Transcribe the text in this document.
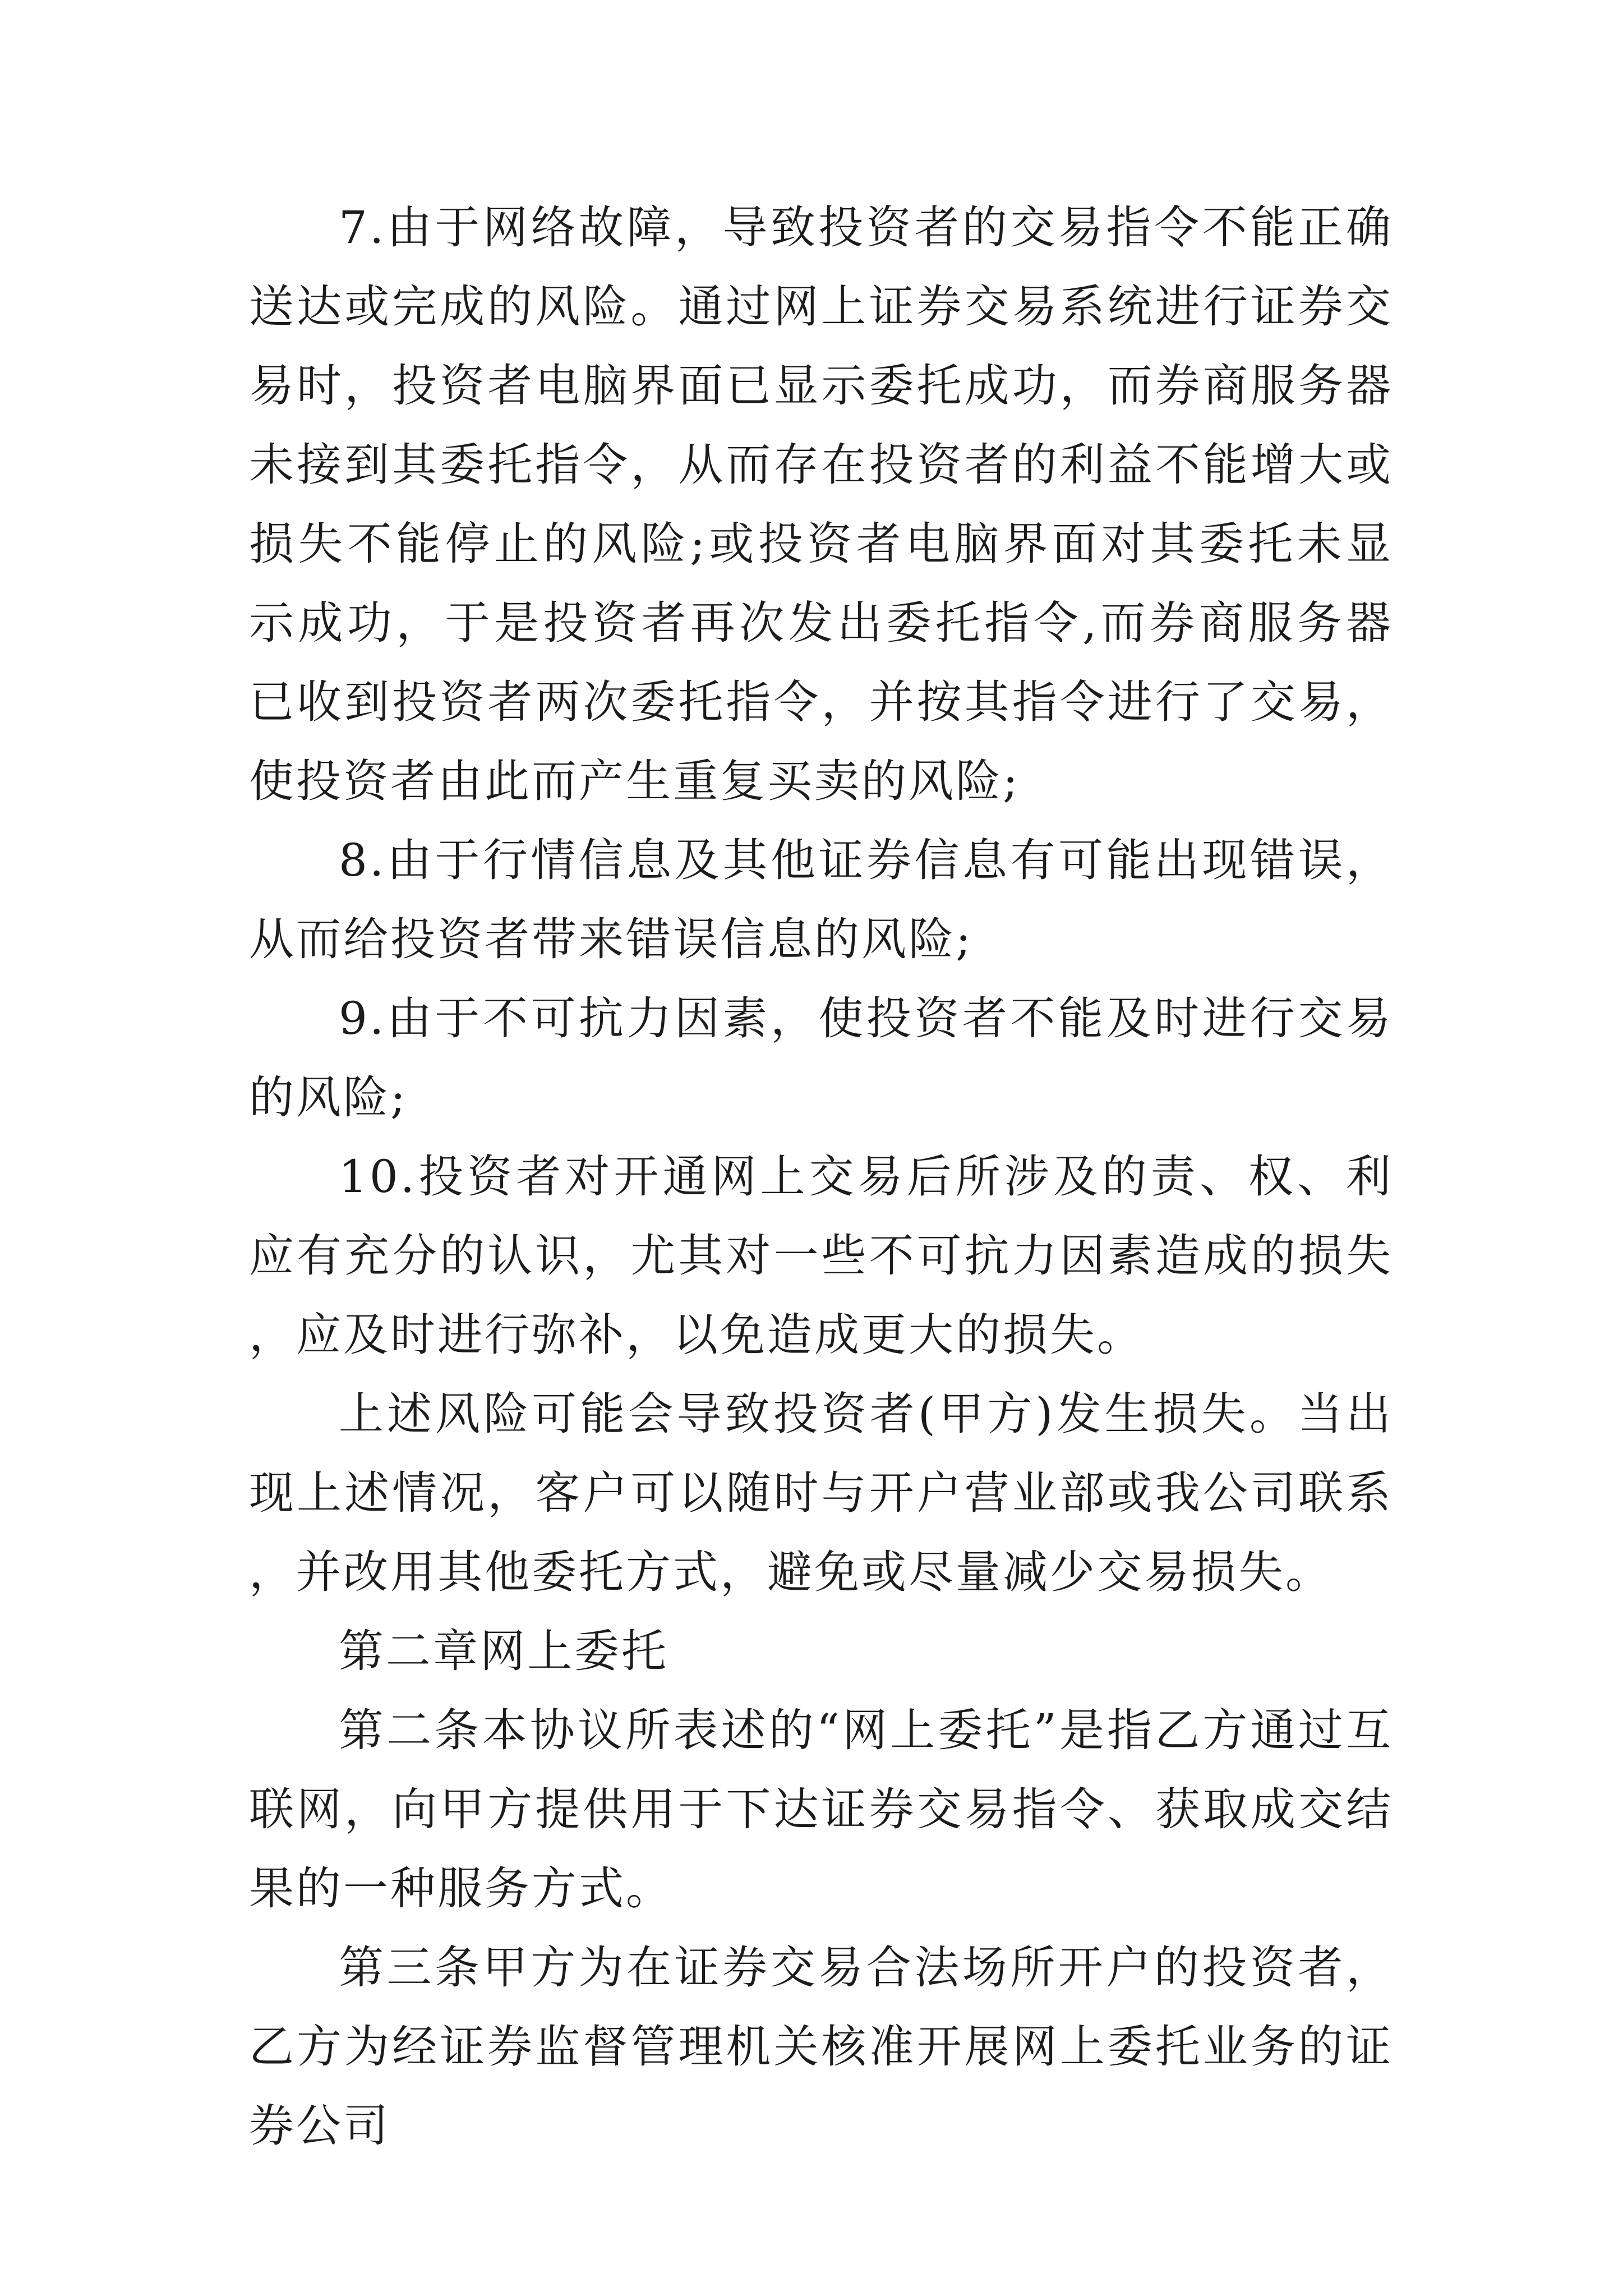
7.由于网络故障，导致投资者的交易指令不能正确送达或完成的风险。通过网上证券交易系统进行证券交易时，投资者电脑界面已显示委托成功，而券商服务器未接到其委托指令，从而存在投资者的利益不能增大或损失不能停止的风险;或投资者电脑界面对其委托未显示成功，于是投资者再次发出委托指令,而券商服务器已收到投资者两次委托指令，并按其指令进行了交易，使投资者由此而产生重复买卖的风险;

8.由于行情信息及其他证券信息有可能出现错误，从而给投资者带来错误信息的风险;

9.由于不可抗力因素，使投资者不能及时进行交易的风险;

10.投资者对开通网上交易后所涉及的责、权、利应有充分的认识，尤其对一些不可抗力因素造成的损失，应及时进行弥补，以免造成更大的损失。

上述风险可能会导致投资者(甲方)发生损失。当出现上述情况，客户可以随时与开户营业部或我公司联系，并改用其他委托方式，避免或尽量减少交易损失。

第二章网上委托

第二条本协议所表述的“网上委托”是指乙方通过互联网，向甲方提供用于下达证券交易指令、获取成交结果的一种服务方式。

第三条甲方为在证券交易合法场所开户的投资者，乙方为经证券监督管理机关核准开展网上委托业务的证券公司
